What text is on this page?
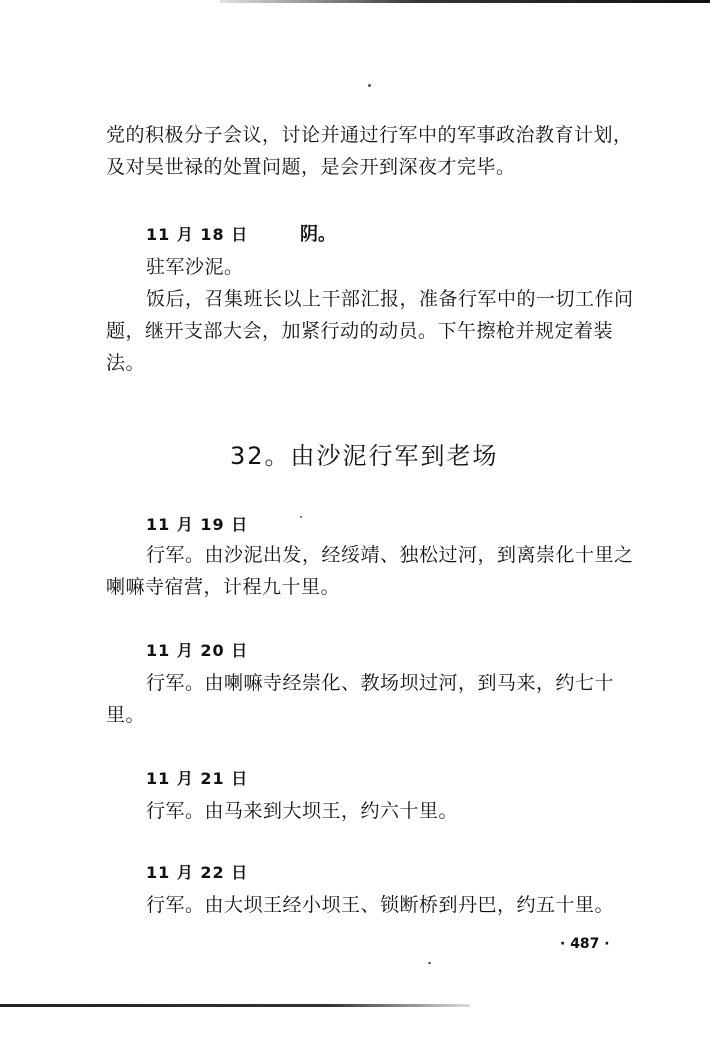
党的积极分子会议，讨论并通过行军中的军事政治教育计划，
及对吴世禄的处置问题，是会开到深夜才完毕。
11 月 18 日	阴。
驻军沙泥。
饭后，召集班长以上干部汇报，准备行军中的一切工作问
题，继开支部大会，加紧行动的动员。下午擦枪并规定着装
法。
32。由沙泥行军到老场
11 月 19 日
行军。由沙泥出发，经绥靖、独松过河，到离崇化十里之
喇嘛寺宿营，计程九十里。
11 月 20 日
行军。由喇嘛寺经崇化、教场坝过河，到马来，约七十
里。
11 月 21 日
行军。由马来到大坝王，约六十里。
11 月 22 日
行军。由大坝王经小坝王、锁断桥到丹巴，约五十里。
· 487 ·
